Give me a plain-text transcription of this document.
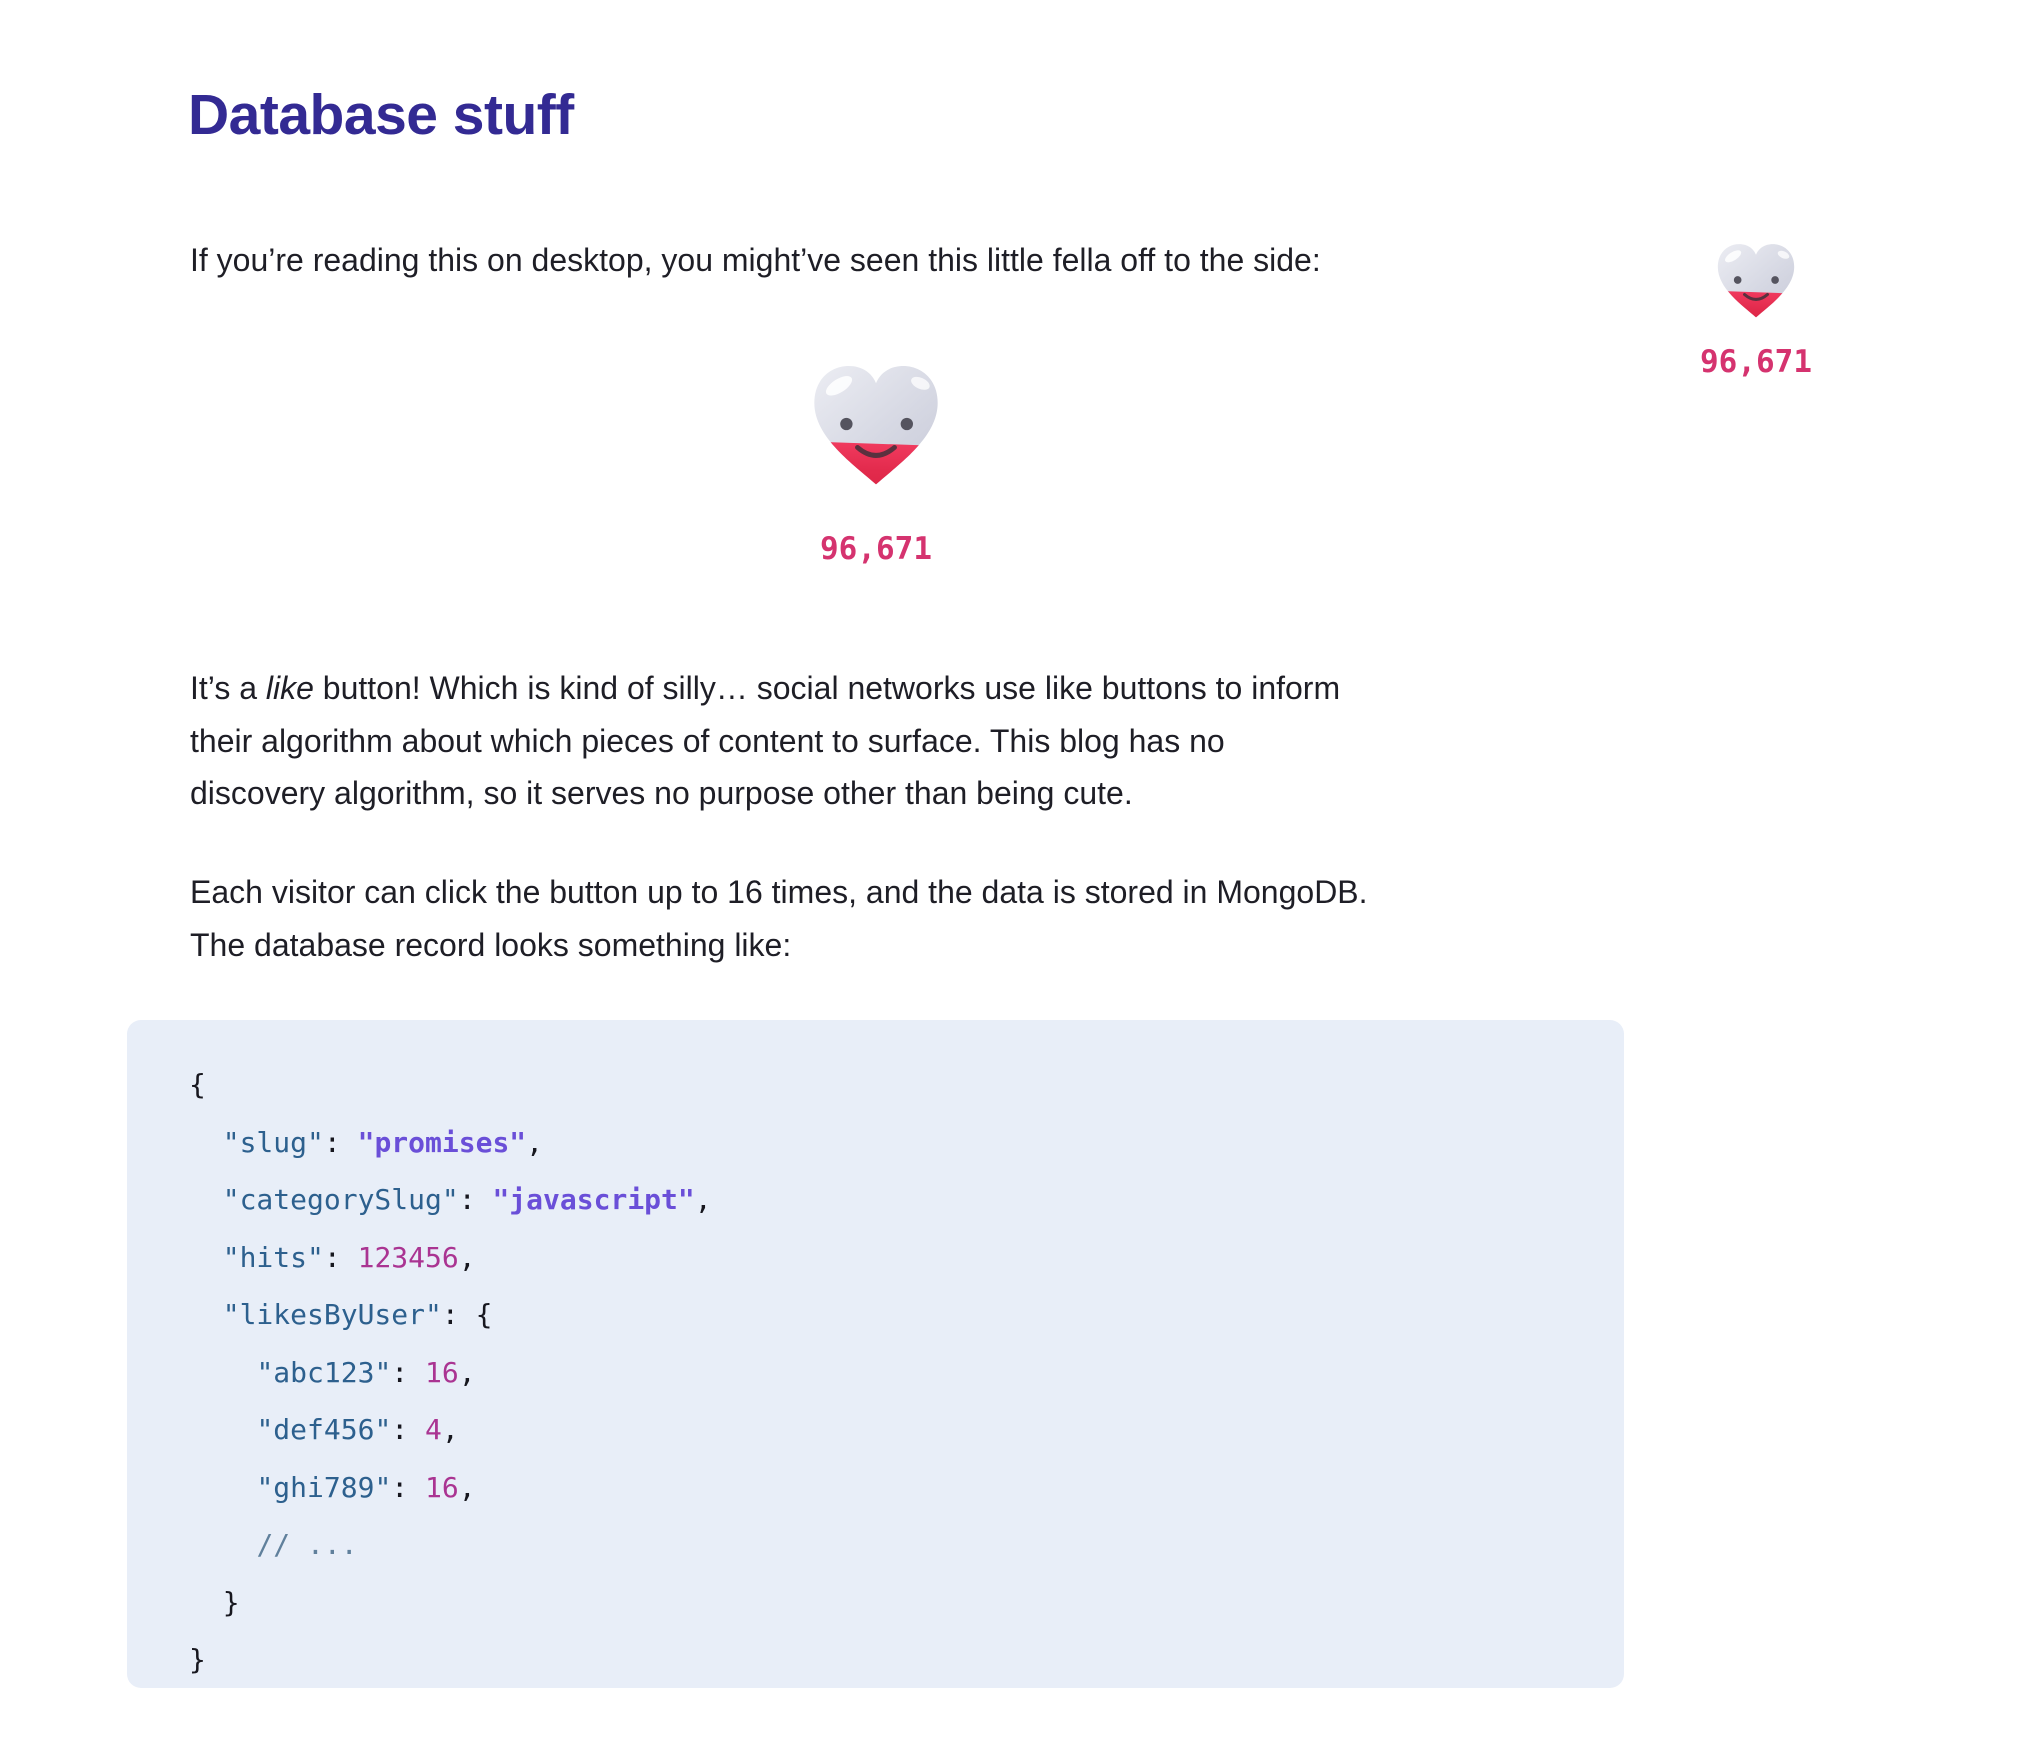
Database stuff

If you’re reading this on desktop, you might’ve seen this little fella off to the side:

96,671
96,671

It’s a like button! Which is kind of silly… social networks use like buttons to inform
their algorithm about which pieces of content to surface. This blog has no
discovery algorithm, so it serves no purpose other than being cute.

Each visitor can click the button up to 16 times, and the data is stored in MongoDB.
The database record looks something like:

{
"slug": "promises",
"categorySlug": "javascript",
"hits": 123456,
"likesByUser": {
"abc123": 16,
"def456": 4,
"ghi789": 16,
// ...
}
}
